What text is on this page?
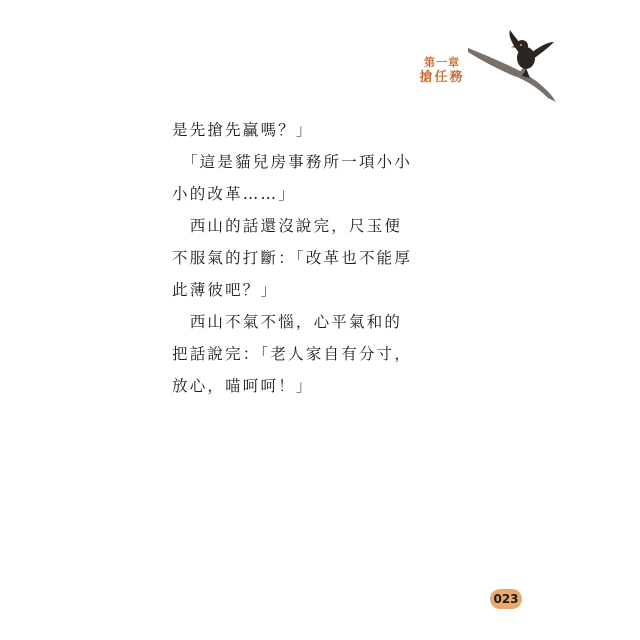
第一章
搶任務
是先搶先贏嗎？」
　「這是貓兒房事務所一項小小
小的改革……」
　西山的話還沒說完，尺玉便
不服氣的打斷：「改革也不能厚
此薄彼吧？」
　西山不氣不惱，心平氣和的
把話說完：「老人家自有分寸，
放心，喵呵呵！」
023
